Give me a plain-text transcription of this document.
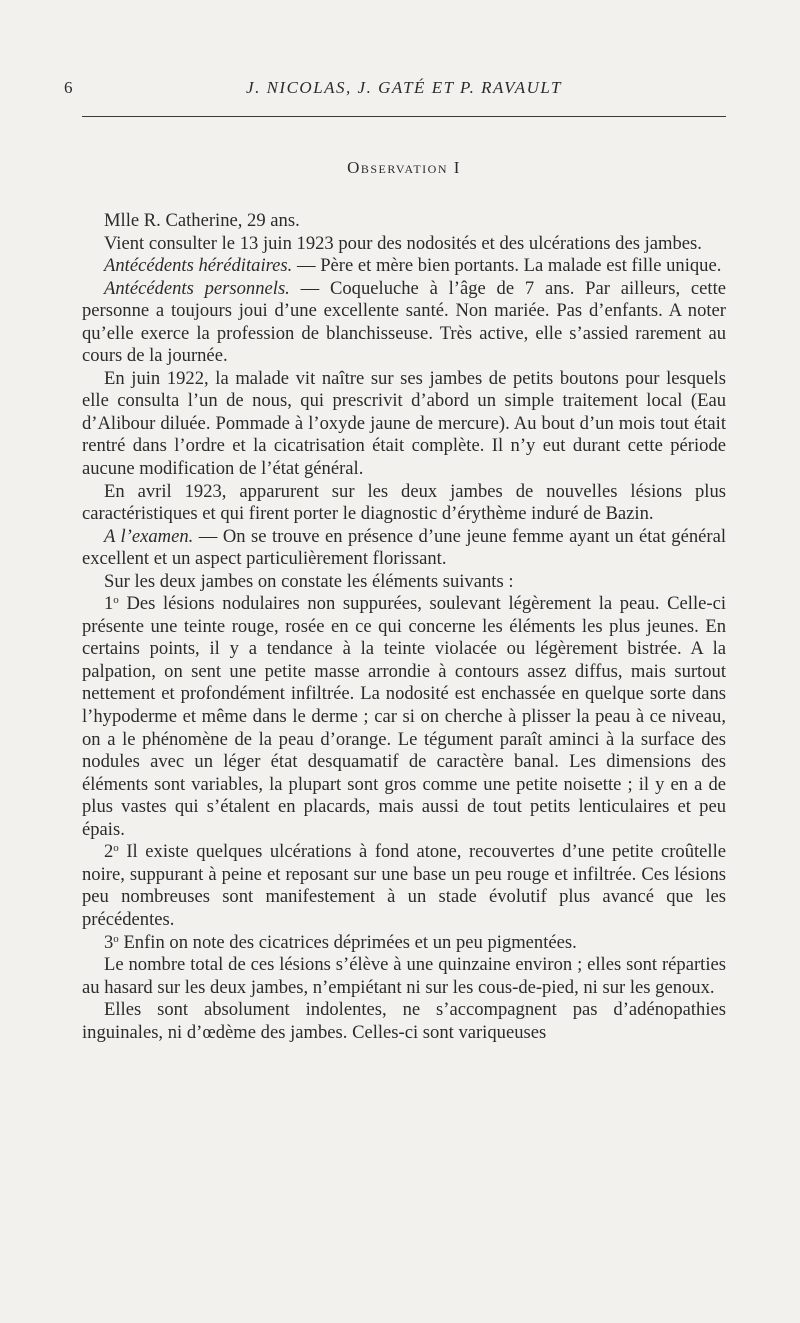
6	J. NICOLAS, J. GATÉ ET P. RAVAULT
Observation I

Mlle R. Catherine, 29 ans.

Vient consulter le 13 juin 1923 pour des nodosités et des ulcérations des jambes.

Antécédents héréditaires. — Père et mère bien portants. La malade est fille unique.

Antécédents personnels. — Coqueluche à l’âge de 7 ans. Par ailleurs, cette personne a toujours joui d’une excellente santé. Non mariée. Pas d’enfants. A noter qu’elle exerce la profession de blanchisseuse. Très active, elle s’assied rarement au cours de la journée.

En juin 1922, la malade vit naître sur ses jambes de petits boutons pour lesquels elle consulta l’un de nous, qui prescrivit d’abord un simple traitement local (Eau d’Alibour diluée. Pommade à l’oxyde jaune de mercure). Au bout d’un mois tout était rentré dans l’ordre et la cicatrisation était complète. Il n’y eut durant cette période aucune modification de l’état général.

En avril 1923, apparurent sur les deux jambes de nouvelles lésions plus caractéristiques et qui firent porter le diagnostic d’érythème induré de Bazin.

A l’examen. — On se trouve en présence d’une jeune femme ayant un état général excellent et un aspect particulièrement florissant.

Sur les deux jambes on constate les éléments suivants :

1$^o$ Des lésions nodulaires non suppurées, soulevant légèrement la peau. Celle-ci présente une teinte rouge, rosée en ce qui concerne les éléments les plus jeunes. En certains points, il y a tendance à la teinte violacée ou légèrement bistrée. A la palpation, on sent une petite masse arrondie à contours assez diffus, mais surtout nettement et profondément infiltrée. La nodosité est enchassée en quelque sorte dans l’hypoderme et même dans le derme ; car si on cherche à plisser la peau à ce niveau, on a le phénomène de la peau d’orange. Le tégument paraît aminci à la surface des nodules avec un léger état desquamatif de caractère banal. Les dimensions des éléments sont variables, la plupart sont gros comme une petite noisette ; il y en a de plus vastes qui s’étalent en placards, mais aussi de tout petits lenticulaires et peu épais.

2$^o$ Il existe quelques ulcérations à fond atone, recouvertes d’une petite croûtelle noire, suppurant à peine et reposant sur une base un peu rouge et infiltrée. Ces lésions peu nombreuses sont manifestement à un stade évolutif plus avancé que les précédentes.

3$^o$ Enfin on note des cicatrices déprimées et un peu pigmentées.

Le nombre total de ces lésions s’élève à une quinzaine environ ; elles sont réparties au hasard sur les deux jambes, n’empiétant ni sur les cous-de-pied, ni sur les genoux.

Elles sont absolument indolentes, ne s’accompagnent pas d’adénopathies inguinales, ni d’œdème des jambes. Celles-ci sont variqueuses
